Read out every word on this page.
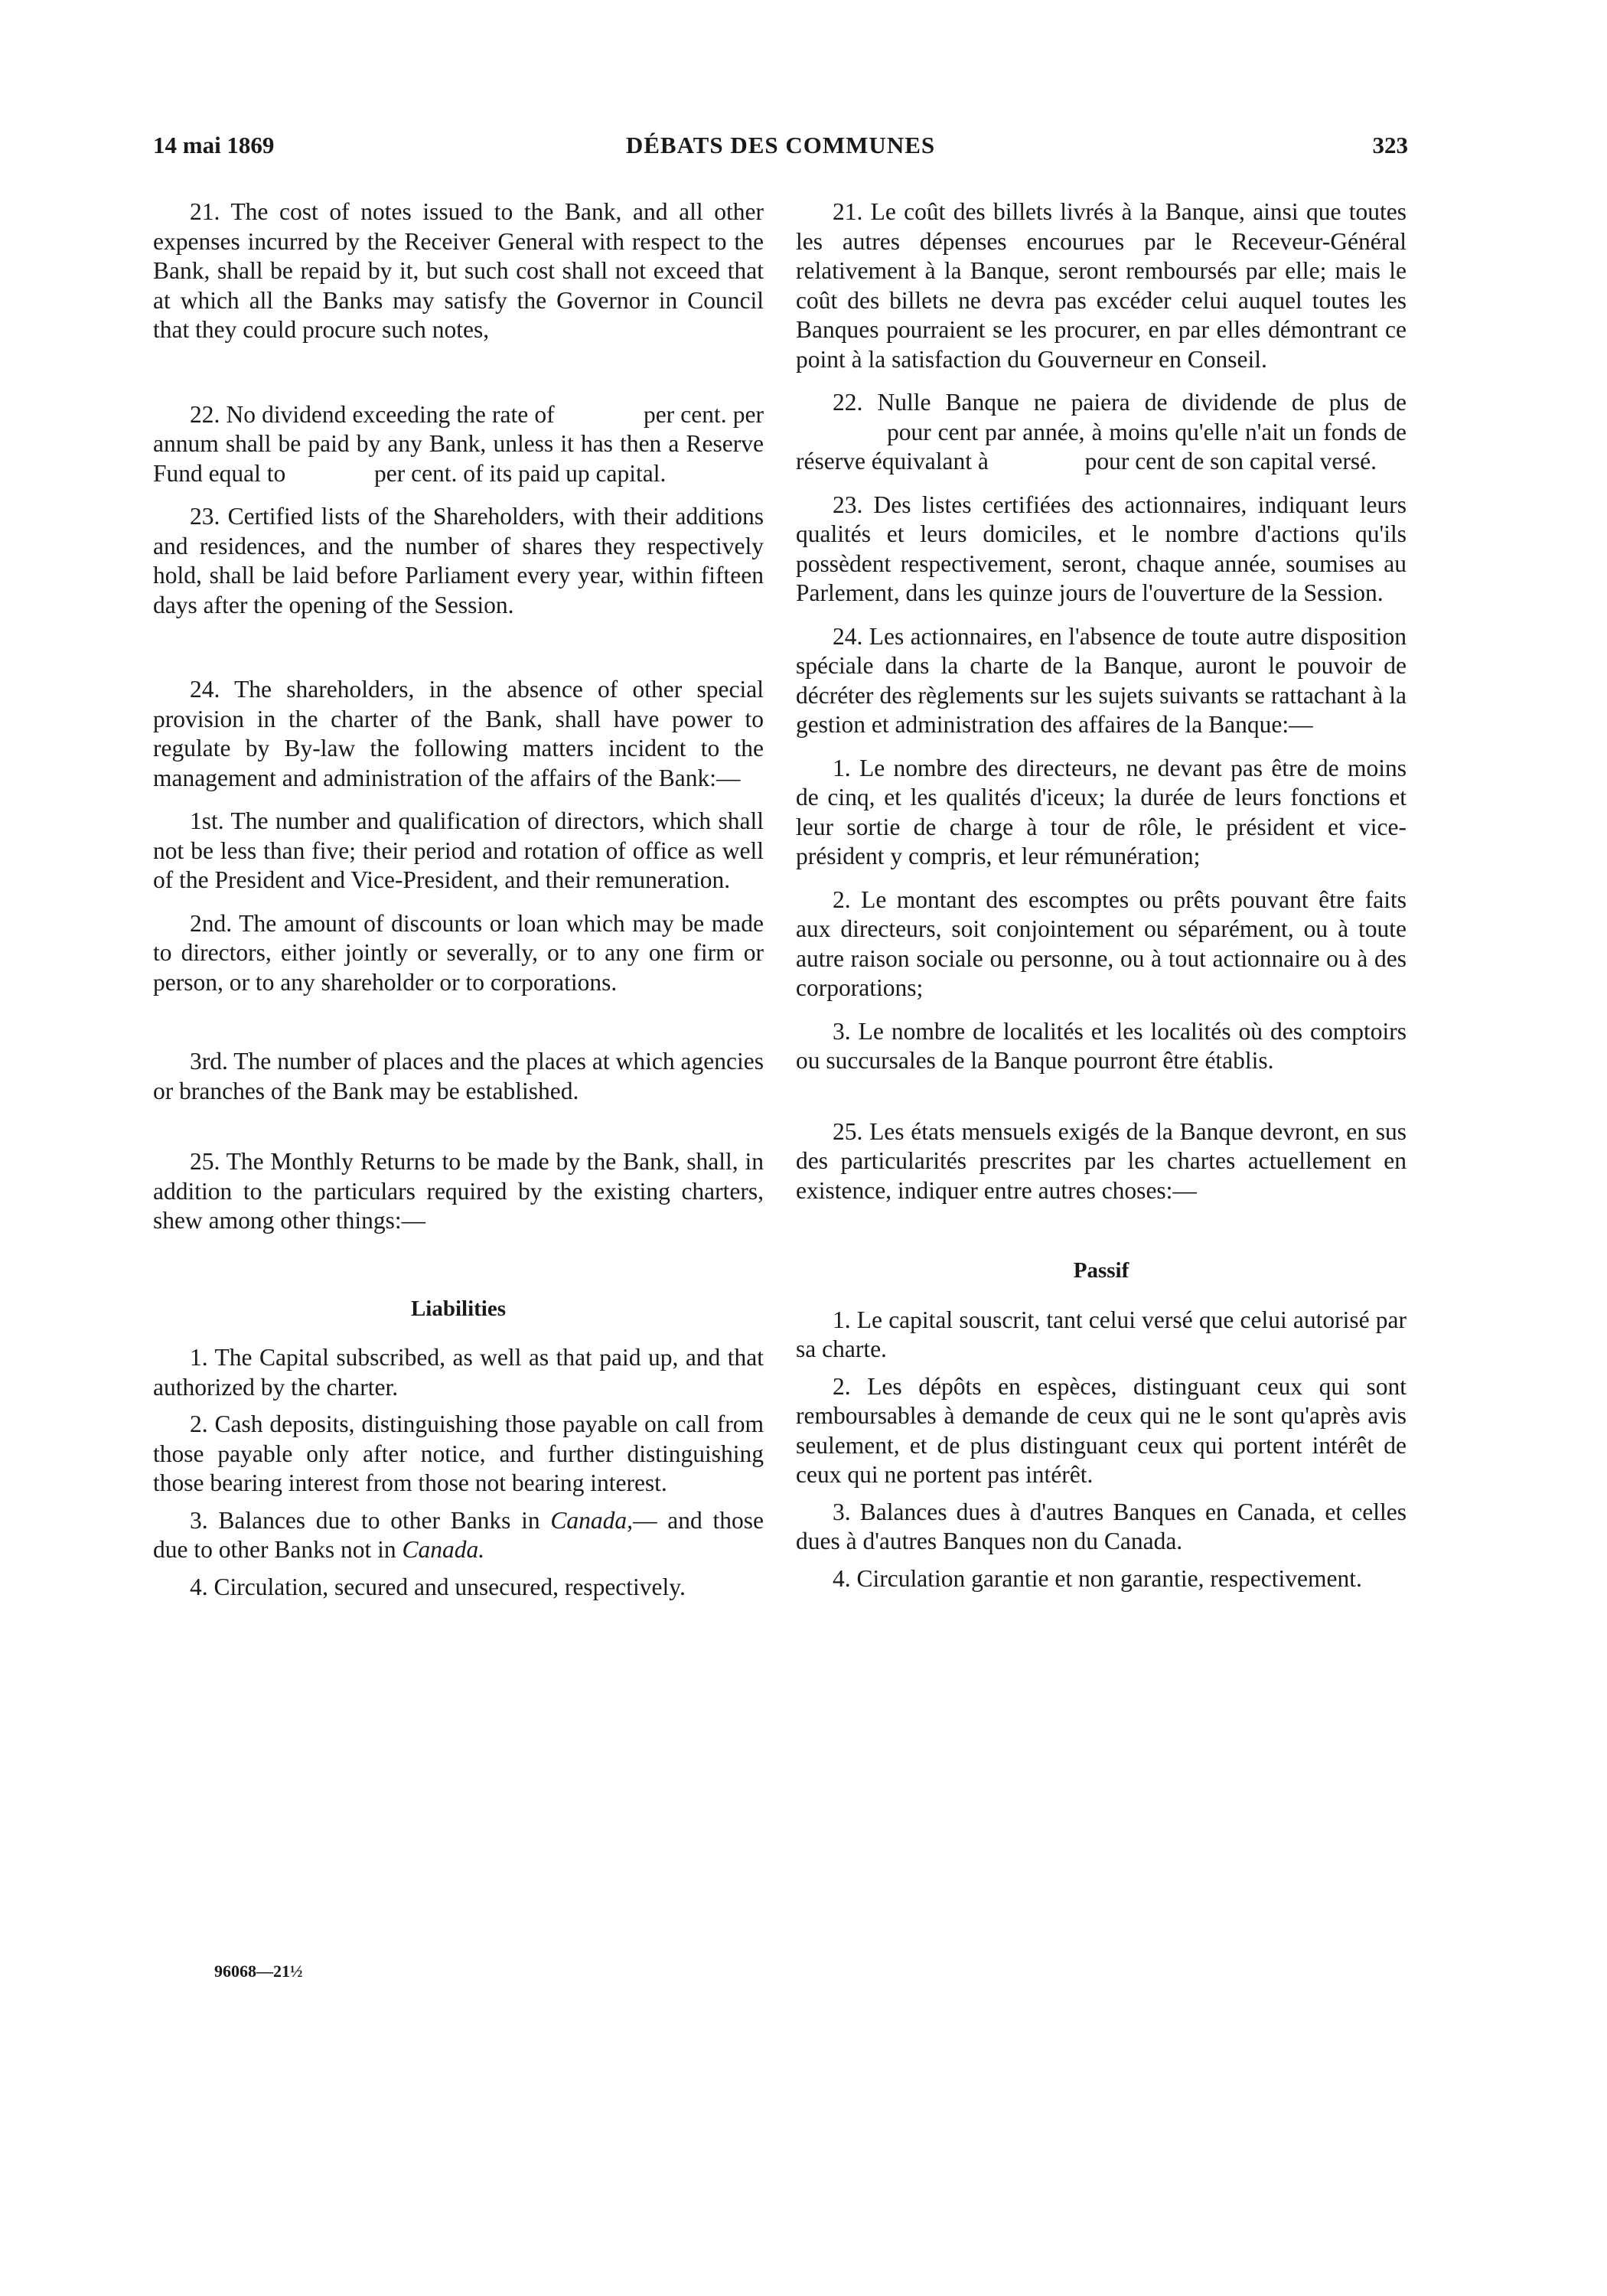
14 mai 1869	DÉBATS DES COMMUNES	323

21. The cost of notes issued to the Bank, and all other expenses incurred by the Receiver General with respect to the Bank, shall be repaid by it, but such cost shall not exceed that at which all the Banks may satisfy the Governor in Council that they could procure such notes,

22. No dividend exceeding the rate of	per cent. per annum shall be paid by any Bank, unless it has then a Reserve Fund equal to	per cent. of its paid up capital.

23. Certified lists of the Shareholders, with their additions and residences, and the number of shares they respectively hold, shall be laid before Parliament every year, within fifteen days after the opening of the Session.

24. The shareholders, in the absence of other special provision in the charter of the Bank, shall have power to regulate by By-law the following matters incident to the management and administration of the affairs of the Bank:—

1st. The number and qualification of directors, which shall not be less than five; their period and rotation of office as well of the President and Vice-President, and their remuneration.

2nd. The amount of discounts or loan which may be made to directors, either jointly or severally, or to any one firm or person, or to any shareholder or to corporations.

3rd. The number of places and the places at which agencies or branches of the Bank may be established.

25. The Monthly Returns to be made by the Bank, shall, in addition to the particulars required by the existing charters, shew among other things:—

Liabilities

1. The Capital subscribed, as well as that paid up, and that authorized by the charter.

2. Cash deposits, distinguishing those payable on call from those payable only after notice, and further distinguishing those bearing interest from those not bearing interest.

3. Balances due to other Banks in Canada,— and those due to other Banks not in Canada.

4. Circulation, secured and unsecured, respectively.

21. Le coût des billets livrés à la Banque, ainsi que toutes les autres dépenses encourues par le Receveur-Général relativement à la Banque, seront remboursés par elle; mais le coût des billets ne devra pas excéder celui auquel toutes les Banques pourraient se les procurer, en par elles démontrant ce point à la satisfaction du Gouverneur en Conseil.

22. Nulle Banque ne paiera de dividende de plus de  pour cent par année, à moins qu'elle n'ait un fonds de réserve équivalant à	pour cent de son capital versé.

23. Des listes certifiées des actionnaires, indiquant leurs qualités et leurs domiciles, et le nombre d'actions qu'ils possèdent respectivement, seront, chaque année, soumises au Parlement, dans les quinze jours de l'ouverture de la Session.

24. Les actionnaires, en l'absence de toute autre disposition spéciale dans la charte de la Banque, auront le pouvoir de décréter des règlements sur les sujets suivants se rattachant à la gestion et administration des affaires de la Banque:—

1. Le nombre des directeurs, ne devant pas être de moins de cinq, et les qualités d'iceux; la durée de leurs fonctions et leur sortie de charge à tour de rôle, le président et vice-président y compris, et leur rémunération;

2. Le montant des escomptes ou prêts pouvant être faits aux directeurs, soit conjointement ou séparément, ou à toute autre raison sociale ou personne, ou à tout actionnaire ou à des corporations;

3. Le nombre de localités et les localités où des comptoirs ou succursales de la Banque pourront être établis.

25. Les états mensuels exigés de la Banque devront, en sus des particularités prescrites par les chartes actuellement en existence, indiquer entre autres choses:—

Passif

1. Le capital souscrit, tant celui versé que celui autorisé par sa charte.

2. Les dépôts en espèces, distinguant ceux qui sont remboursables à demande de ceux qui ne le sont qu'après avis seulement, et de plus distinguant ceux qui portent intérêt de ceux qui ne portent pas intérêt.

3. Balances dues à d'autres Banques en Canada, et celles dues à d'autres Banques non du Canada.

4. Circulation garantie et non garantie, respectivement.

96068—21½
